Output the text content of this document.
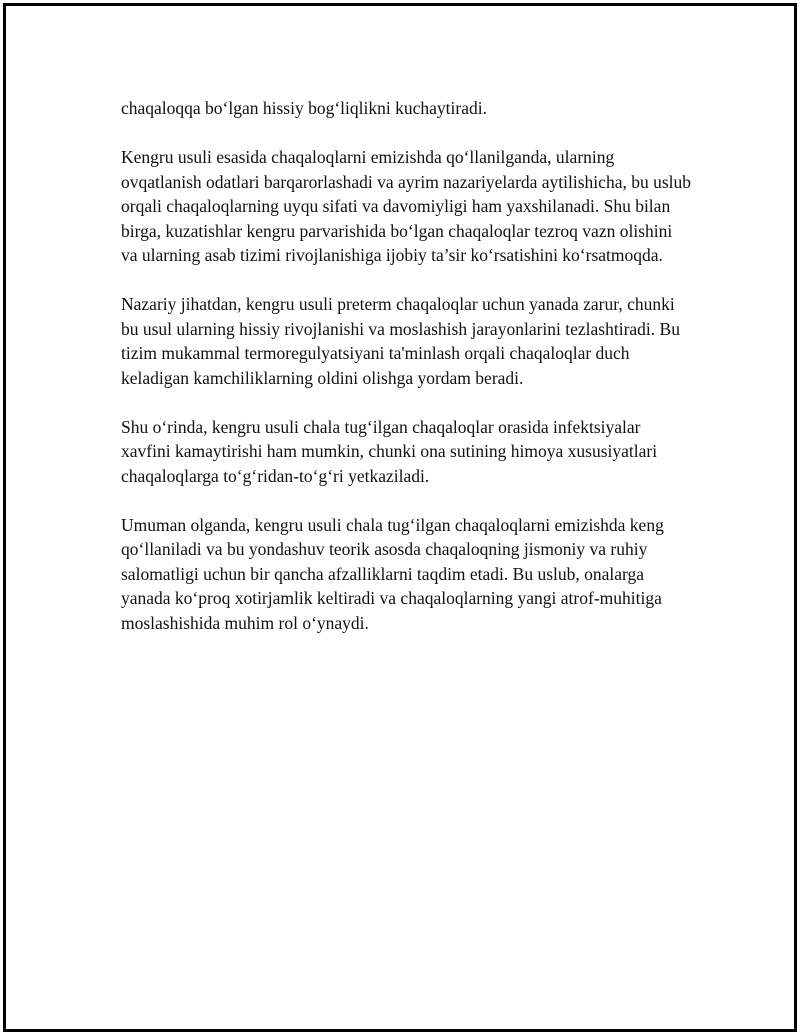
chaqaloqqa bo‘lgan hissiy bog‘liqlikni kuchaytiradi.

Kengru usuli esasida chaqaloqlarni emizishda qo‘llanilganda, ularning ovqatlanish odatlari barqarorlashadi va ayrim nazariyelarda aytilishicha, bu uslub orqali chaqaloqlarning uyqu sifati va davomiyligi ham yaxshilanadi. Shu bilan birga, kuzatishlar kengru parvarishida bo‘lgan chaqaloqlar tezroq vazn olishini va ularning asab tizimi rivojlanishiga ijobiy ta’sir ko‘rsatishini ko‘rsatmoqda.

Nazariy jihatdan, kengru usuli preterm chaqaloqlar uchun yanada zarur, chunki bu usul ularning hissiy rivojlanishi va moslashish jarayonlarini tezlashtiradi. Bu tizim mukammal termoregulyatsiyani ta'minlash orqali chaqaloqlar duch keladigan kamchiliklarning oldini olishga yordam beradi.

Shu o‘rinda, kengru usuli chala tug‘ilgan chaqaloqlar orasida infektsiyalar xavfini kamaytirishi ham mumkin, chunki ona sutining himoya xususiyatlari chaqaloqlarga to‘g‘ridan-to‘g‘ri yetkaziladi.

Umuman olganda, kengru usuli chala tug‘ilgan chaqaloqlarni emizishda keng qo‘llaniladi va bu yondashuv teorik asosda chaqaloqning jismoniy va ruhiy salomatligi uchun bir qancha afzalliklarni taqdim etadi. Bu uslub, onalarga yanada ko‘proq xotirjamlik keltiradi va chaqaloqlarning yangi atrof-muhitiga moslashishida muhim rol o‘ynaydi.
